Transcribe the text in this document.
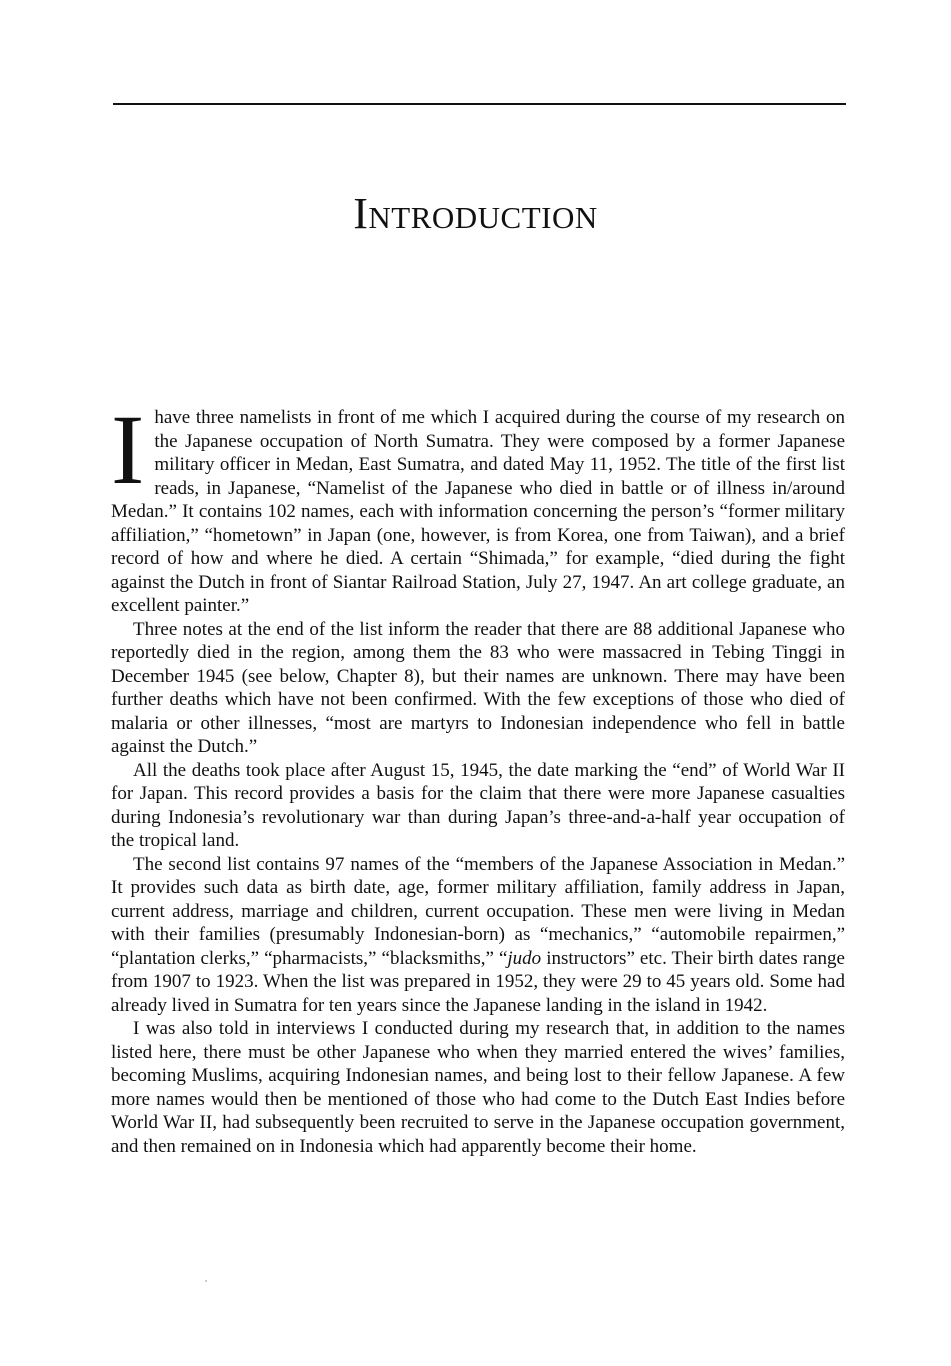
Introduction

I have three namelists in front of me which I acquired during the course of my research on the Japanese occupation of North Sumatra. They were composed by a former Japanese military officer in Medan, East Sumatra, and dated May 11, 1952. The title of the first list reads, in Japanese, “Namelist of the Japanese who died in battle or of illness in/around Medan.” It contains 102 names, each with information concerning the person’s “former military affiliation,” “hometown” in Japan (one, however, is from Korea, one from Taiwan), and a brief record of how and where he died. A certain “Shimada,” for example, “died during the fight against the Dutch in front of Siantar Railroad Station, July 27, 1947. An art college graduate, an excellent painter.”

Three notes at the end of the list inform the reader that there are 88 additional Japanese who reportedly died in the region, among them the 83 who were massacred in Tebing Tinggi in December 1945 (see below, Chapter 8), but their names are unknown. There may have been further deaths which have not been confirmed. With the few exceptions of those who died of malaria or other illnesses, “most are martyrs to Indonesian independence who fell in battle against the Dutch.”

All the deaths took place after August 15, 1945, the date marking the “end” of World War II for Japan. This record provides a basis for the claim that there were more Japanese casualties during Indonesia’s revolutionary war than during Japan’s three-and-a-half year occupation of the tropical land.

The second list contains 97 names of the “members of the Japanese Association in Medan.” It provides such data as birth date, age, former military affiliation, family address in Japan, current address, marriage and children, current occupation. These men were living in Medan with their families (presumably Indonesian-born) as “mechanics,” “automobile repairmen,” “plantation clerks,” “pharmacists,” “blacksmiths,” “judo instructors” etc. Their birth dates range from 1907 to 1923. When the list was prepared in 1952, they were 29 to 45 years old. Some had already lived in Sumatra for ten years since the Japanese landing in the island in 1942.

I was also told in interviews I conducted during my research that, in addition to the names listed here, there must be other Japanese who when they married entered the wives’ families, becoming Muslims, acquiring Indonesian names, and being lost to their fellow Japanese. A few more names would then be mentioned of those who had come to the Dutch East Indies before World War II, had subsequently been recruited to serve in the Japanese occupation government, and then remained on in Indonesia which had apparently become their home.
